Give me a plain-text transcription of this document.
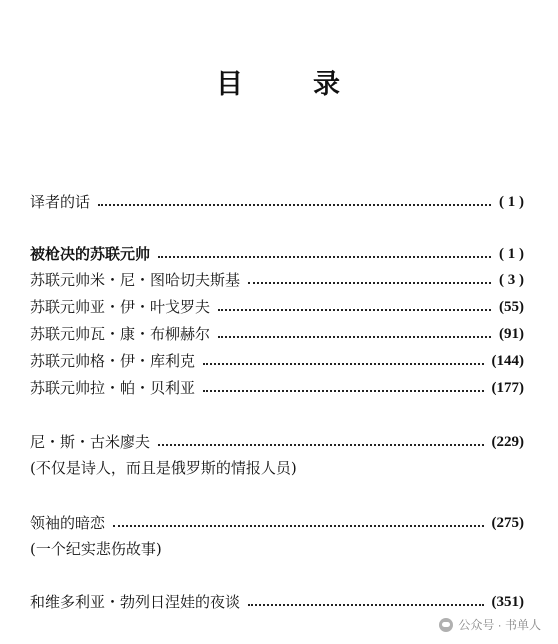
目	录
译者的话	( 1 )
被枪决的苏联元帅	( 1 )
苏联元帅米・尼・图哈切夫斯基	( 3 )
苏联元帅亚・伊・叶戈罗夫	(55)
苏联元帅瓦・康・布柳赫尔	(91)
苏联元帅格・伊・库利克	(144)
苏联元帅拉・帕・贝利亚	(177)
尼・斯・古米廖夫	(229)
(不仅是诗人，而且是俄罗斯的情报人员)
领袖的暗恋	(275)
(一个纪实悲伤故事)
和维多利亚・勃列日涅娃的夜谈	(351)
公众号 · 书单人
